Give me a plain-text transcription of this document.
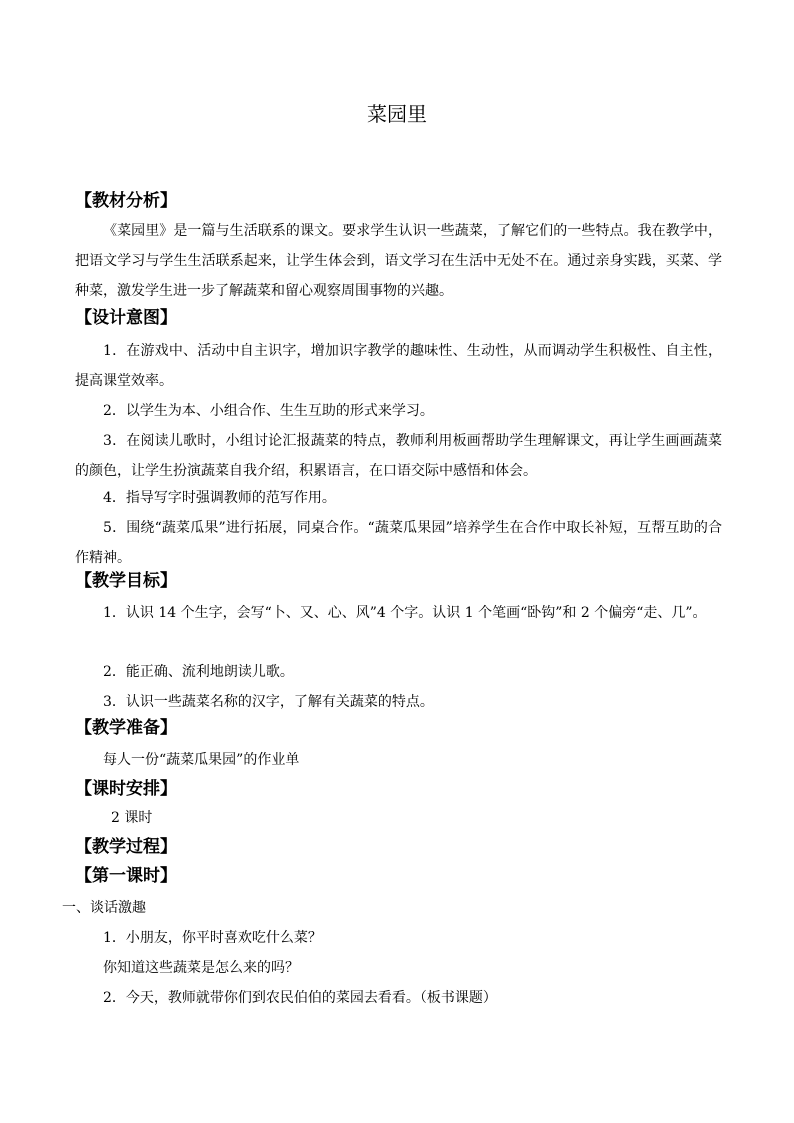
菜园里
【教材分析】

《菜园里》是一篇与生活联系的课文。要求学生认识一些蔬菜，了解它们的一些特点。我在教学中，把语文学习与学生生活联系起来，让学生体会到，语文学习在生活中无处不在。通过亲身实践，买菜、学种菜，激发学生进一步了解蔬菜和留心观察周围事物的兴趣。

【设计意图】

1．在游戏中、活动中自主识字，增加识字教学的趣味性、生动性，从而调动学生积极性、自主性，提高课堂效率。

2．以学生为本、小组合作、生生互助的形式来学习。

3．在阅读儿歌时，小组讨论汇报蔬菜的特点，教师利用板画帮助学生理解课文，再让学生画画蔬菜的颜色，让学生扮演蔬菜自我介绍，积累语言，在口语交际中感悟和体会。

4．指导写字时强调教师的范写作用。

5．围绕“蔬菜瓜果”进行拓展，同桌合作。“蔬菜瓜果园”培养学生在合作中取长补短，互帮互助的合作精神。

【教学目标】

1．认识 14 个生字，会写“卜、又、心、风”4 个字。认识 1 个笔画“卧钩”和 2 个偏旁“走、几”。

2．能正确、流利地朗读儿歌。

3．认识一些蔬菜名称的汉字，了解有关蔬菜的特点。

【教学准备】
每人一份“蔬菜瓜果园”的作业单
【课时安排】
2 课时
【教学过程】
【第一课时】
一、谈话激趣
1．小朋友，你平时喜欢吃什么菜？
你知道这些蔬菜是怎么来的吗？
2．今天，教师就带你们到农民伯伯的菜园去看看。（板书课题）
